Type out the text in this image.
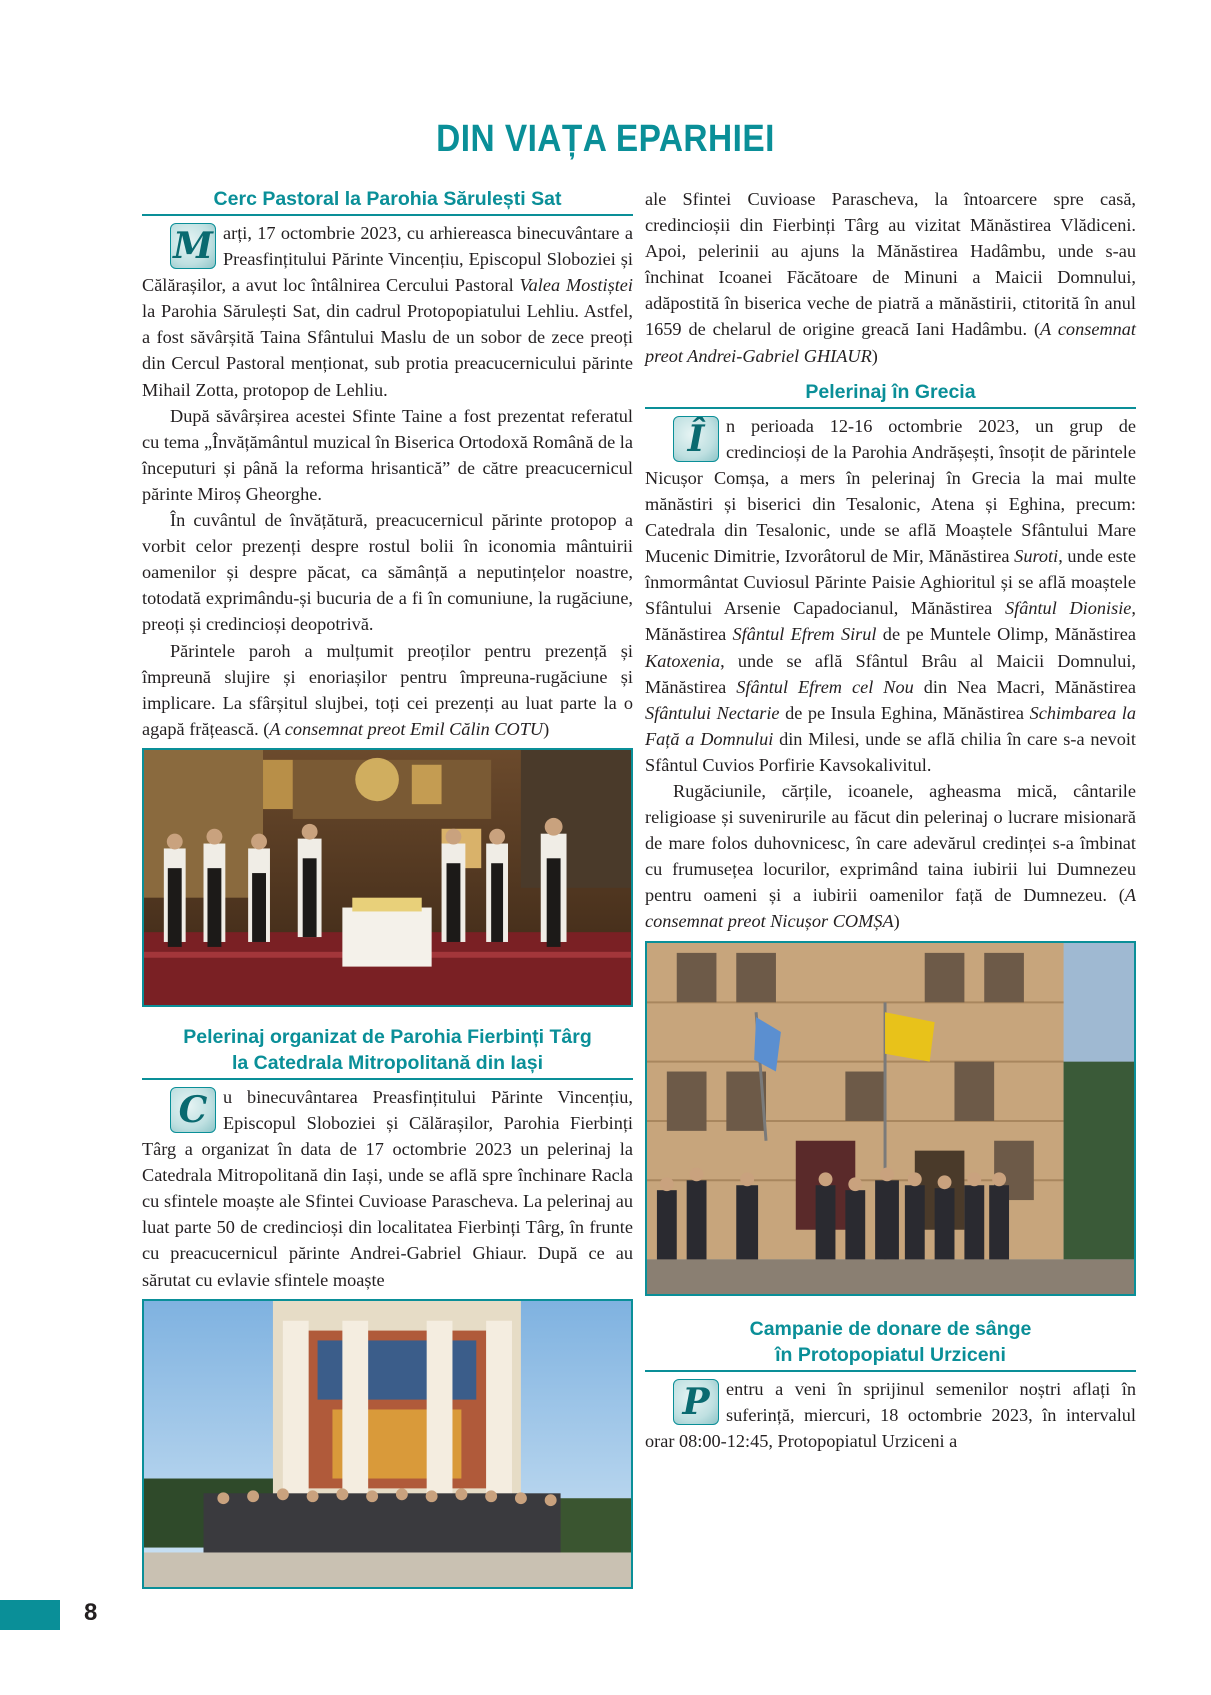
DIN VIAȚA EPARHIEI
Cerc Pastoral la Parohia Sărulești Sat

M arți, 17 octombrie 2023, cu arhiereasca binecuvântare a Preasfințitului Părinte Vincențiu, Episcopul Sloboziei și Călărașilor, a avut loc întâlnirea Cercului Pastoral Valea Mostiștei la Parohia Sărulești Sat, din cadrul Protopopiatului Lehliu. Astfel, a fost săvârșită Taina Sfântului Maslu de un sobor de zece preoți din Cercul Pastoral menționat, sub protia preacucernicului părinte Mihail Zotta, protopop de Lehliu.

După săvârșirea acestei Sfinte Taine a fost prezentat referatul cu tema „Învățământul muzical în Biserica Ortodoxă Română de la începuturi și până la reforma hrisantică” de către preacucernicul părinte Miroș Gheorghe.

În cuvântul de învățătură, preacucernicul părinte protopop a vorbit celor prezenți despre rostul bolii în iconomia mântuirii oamenilor și despre păcat, ca sămânță a neputințelor noastre, totodată exprimându-și bucuria de a fi în comuniune, la rugăciune, preoți și credincioși deopotrivă.

Părintele paroh a mulțumit preoților pentru prezență și împreună slujire și enoriașilor pentru împreuna-rugăciune și implicare. La sfârșitul slujbei, toți cei prezenți au luat parte la o agapă frățească. (A consemnat preot Emil Călin COTU)

Pelerinaj organizat de Parohia Fierbinți Târg
la Catedrala Mitropolitană din Iași

C u binecuvântarea Preasfințitului Părinte Vincențiu, Episcopul Sloboziei și Călărașilor, Parohia Fierbinți Târg a organizat în data de 17 octombrie 2023 un pelerinaj la Catedrala Mitropolitană din Iași, unde se află spre închinare Racla cu sfintele moaște ale Sfintei Cuvioase Parascheva. La pelerinaj au luat parte 50 de credincioși din localitatea Fierbinți Târg, în frunte cu preacucernicul părinte Andrei-Gabriel Ghiaur. După ce au sărutat cu evlavie sfintele moaște

ale Sfintei Cuvioase Parascheva, la întoarcere spre casă, credincioșii din Fierbinți Târg au vizitat Mănăstirea Vlădiceni. Apoi, pelerinii au ajuns la Mănăstirea Hadâmbu, unde s-au închinat Icoanei Făcătoare de Minuni a Maicii Domnului, adăpostită în biserica veche de piatră a mănăstirii, ctitorită în anul 1659 de chelarul de origine greacă Iani Hadâmbu. (A consemnat preot Andrei-Gabriel GHIAUR)

Pelerinaj în Grecia

Î	n perioada 12-16 octombrie 2023, un grup de credincioși de la Parohia Andrășești, însoțit de părintele Nicușor Comșa, a mers în pelerinaj în Grecia la mai multe mănăstiri și biserici din Tesalonic, Atena și Eghina, precum: Catedrala din Tesalonic, unde se află Moaștele Sfântului Mare Mucenic Dimitrie, Izvorâtorul de Mir, Mănăstirea Suroti, unde este înmormântat Cuviosul Părinte Paisie Aghioritul și se află moaștele Sfântului Arsenie Capadocianul, Mănăstirea Sfântul Dionisie, Mănăstirea Sfântul Efrem Sirul de pe Muntele Olimp, Mănăstirea Katoxenia, unde se află Sfântul Brâu al Maicii Domnului, Mănăstirea Sfântul Efrem cel Nou din Nea Macri, Mănăstirea Sfântului Nectarie de pe Insula Eghina, Mănăstirea Schimbarea la Față a Domnului din Milesi, unde se află chilia în care s-a nevoit Sfântul Cuvios Porfirie Kavsokalivitul.

Rugăciunile, cărțile, icoanele, agheasma mică, cântarile religioase și suvenirurile au făcut din pelerinaj o lucrare misionară de mare folos duhovnicesc, în care adevărul credinței s-a îmbinat cu frumusețea locurilor, exprimând taina iubirii lui Dumnezeu pentru oameni și a iubirii oamenilor față de Dumnezeu. (A consemnat preot Nicușor COMȘA)

Campanie de donare de sânge
în Protopopiatul Urziceni

P entru a veni în sprijinul semenilor noștri aflați în suferință, miercuri, 18 octombrie 2023, în intervalul orar 08:00-12:45, Protopopiatul Urziceni a

8
